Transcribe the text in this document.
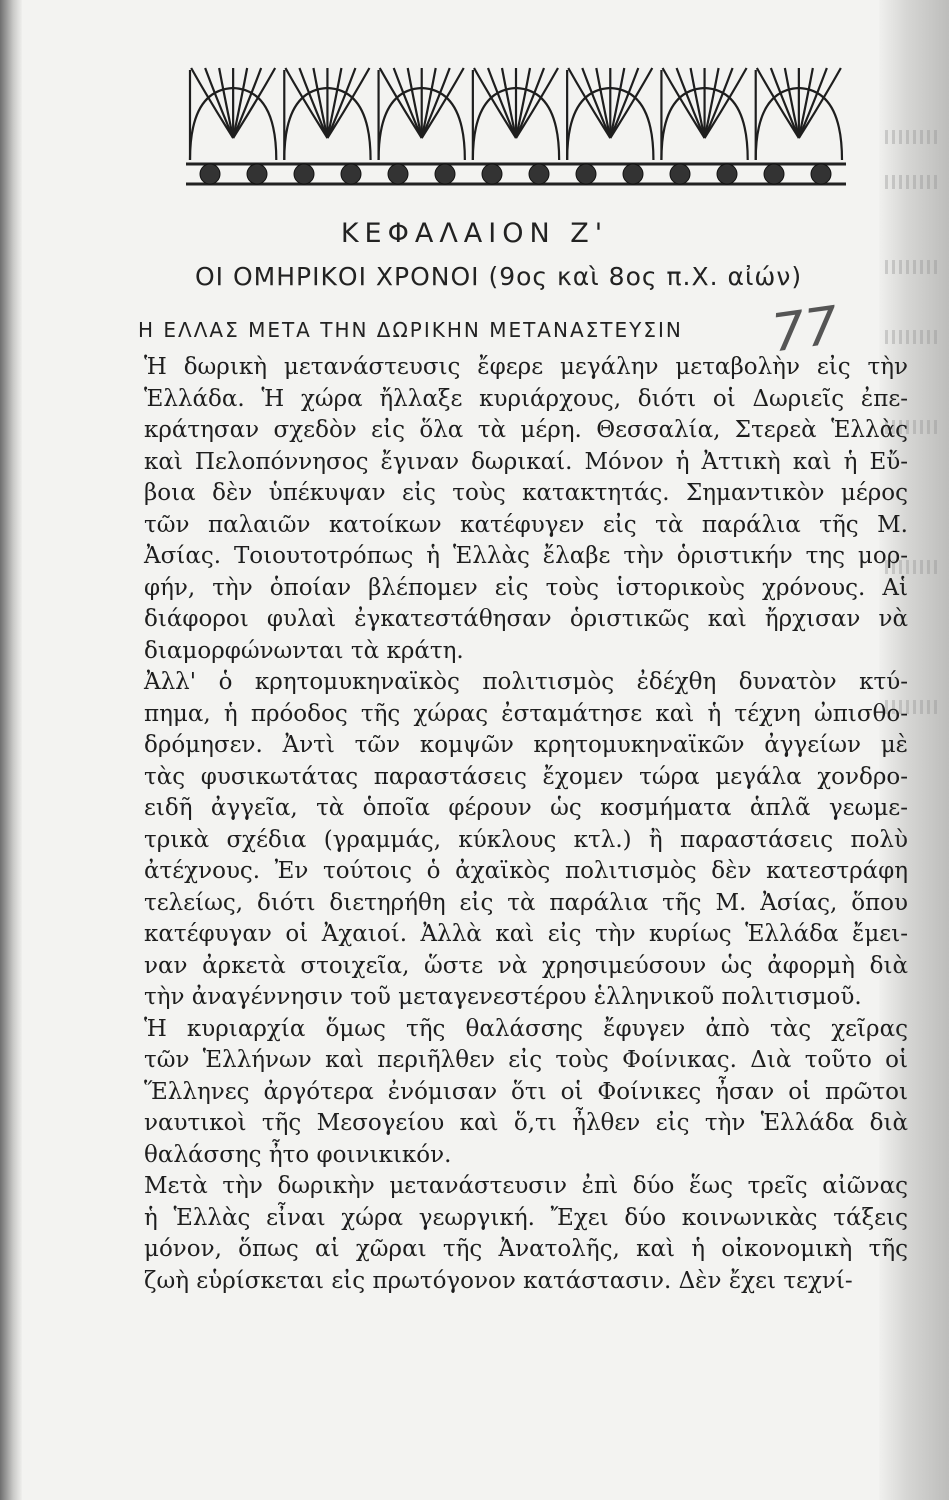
ΚΕΦΑΛΑΙΟΝ Ζ'
ΟΙ ΟΜΗΡΙΚΟΙ ΧΡΟΝΟΙ (9ος καὶ 8ος π.Χ. αἰών)
Η ΕΛΛΑΣ ΜΕΤΑ ΤΗΝ ΔΩΡΙΚΗΝ ΜΕΤΑΝΑΣΤΕΥΣΙΝ 77
Ἡ δωρικὴ μετανάστευσις ἔφερε μεγάλην μεταβολὴν εἰς τὴν
Ἑλλάδα. Ἡ χώρα ἤλλαξε κυριάρχους, διότι οἱ Δωριεῖς ἐπε-
κράτησαν σχεδὸν εἰς ὅλα τὰ μέρη. Θεσσαλία, Στερεὰ Ἑλλὰς
καὶ Πελοπόννησος ἔγιναν δωρικαί. Μόνον ἡ Ἀττικὴ καὶ ἡ Εὔ-
βοια δὲν ὑπέκυψαν εἰς τοὺς κατακτητάς. Σημαντικὸν μέρος
τῶν παλαιῶν κατοίκων κατέφυγεν εἰς τὰ παράλια τῆς Μ.
Ἀσίας. Τοιουτοτρόπως ἡ Ἑλλὰς ἔλαβε τὴν ὁριστικήν της μορ-
φήν, τὴν ὁποίαν βλέπομεν εἰς τοὺς ἱστορικοὺς χρόνους. Αἱ
διάφοροι φυλαὶ ἐγκατεστάθησαν ὁριστικῶς καὶ ἤρχισαν νὰ
διαμορφώνωνται τὰ κράτη.
Ἀλλ' ὁ κρητομυκηναϊκὸς πολιτισμὸς ἐδέχθη δυνατὸν κτύ-
πημα, ἡ πρόοδος τῆς χώρας ἐσταμάτησε καὶ ἡ τέχνη ὠπισθο-
δρόμησεν. Ἀντὶ τῶν κομψῶν κρητομυκηναϊκῶν ἀγγείων μὲ
τὰς φυσικωτάτας παραστάσεις ἔχομεν τώρα μεγάλα χονδρο-
ειδῆ ἀγγεῖα, τὰ ὁποῖα φέρουν ὡς κοσμήματα ἁπλᾶ γεωμε-
τρικὰ σχέδια (γραμμάς, κύκλους κτλ.) ἢ παραστάσεις πολὺ
ἀτέχνους. Ἐν τούτοις ὁ ἀχαϊκὸς πολιτισμὸς δὲν κατεστράφη
τελείως, διότι διετηρήθη εἰς τὰ παράλια τῆς Μ. Ἀσίας, ὅπου
κατέφυγαν οἱ Ἀχαιοί. Ἀλλὰ καὶ εἰς τὴν κυρίως Ἑλλάδα ἔμει-
ναν ἀρκετὰ στοιχεῖα, ὥστε νὰ χρησιμεύσουν ὡς ἀφορμὴ διὰ
τὴν ἀναγέννησιν τοῦ μεταγενεστέρου ἑλληνικοῦ πολιτισμοῦ.
Ἡ κυριαρχία ὅμως τῆς θαλάσσης ἔφυγεν ἀπὸ τὰς χεῖρας
τῶν Ἑλλήνων καὶ περιῆλθεν εἰς τοὺς Φοίνικας. Διὰ τοῦτο οἱ
Ἕλληνες ἀργότερα ἐνόμισαν ὅτι οἱ Φοίνικες ἦσαν οἱ πρῶτοι
ναυτικοὶ τῆς Μεσογείου καὶ ὅ,τι ἦλθεν εἰς τὴν Ἑλλάδα διὰ
θαλάσσης ἦτο φοινικικόν.
Μετὰ τὴν δωρικὴν μετανάστευσιν ἐπὶ δύο ἕως τρεῖς αἰῶνας
ἡ Ἑλλὰς εἶναι χώρα γεωργική. Ἔχει δύο κοινωνικὰς τάξεις
μόνον, ὅπως αἱ χῶραι τῆς Ἀνατολῆς, καὶ ἡ οἰκονομικὴ τῆς
ζωὴ εὑρίσκεται εἰς πρωτόγονον κατάστασιν. Δὲν ἔχει τεχνί-
